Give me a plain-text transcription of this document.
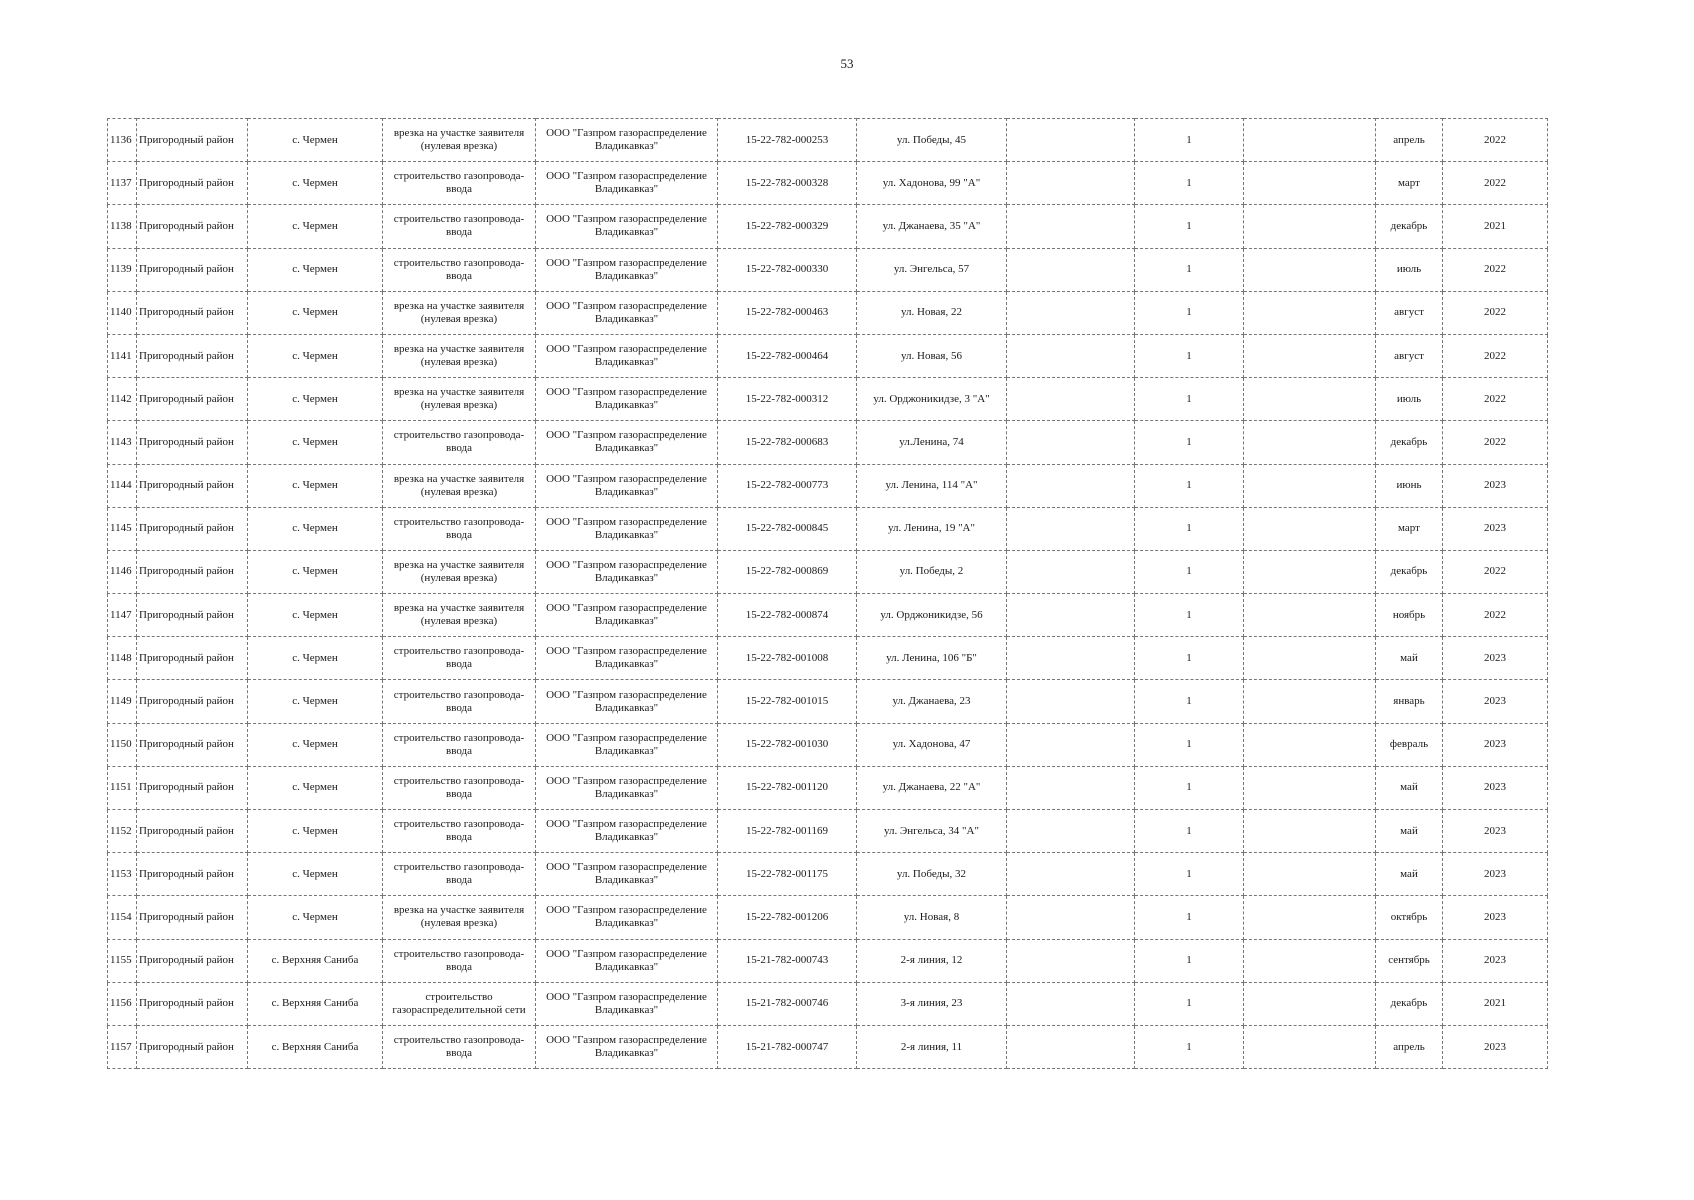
53
1136	Пригородный район	с. Чермен	врезка на участке заявителя (нулевая врезка)	ООО "Газпром газораспределение Владикавказ"	15-22-782-000253	ул. Победы, 45		1		апрель	2022
1137	Пригородный район	с. Чермен	строительство газопровода-ввода	ООО "Газпром газораспределение Владикавказ"	15-22-782-000328	ул. Хадонова, 99 "А"		1		март	2022
1138	Пригородный район	с. Чермен	строительство газопровода-ввода	ООО "Газпром газораспределение Владикавказ"	15-22-782-000329	ул. Джанаева, 35 "А"		1		декабрь	2021
1139	Пригородный район	с. Чермен	строительство газопровода-ввода	ООО "Газпром газораспределение Владикавказ"	15-22-782-000330	ул. Энгельса, 57		1		июль	2022
1140	Пригородный район	с. Чермен	врезка на участке заявителя (нулевая врезка)	ООО "Газпром газораспределение Владикавказ"	15-22-782-000463	ул. Новая, 22		1		август	2022
1141	Пригородный район	с. Чермен	врезка на участке заявителя (нулевая врезка)	ООО "Газпром газораспределение Владикавказ"	15-22-782-000464	ул. Новая, 56		1		август	2022
1142	Пригородный район	с. Чермен	врезка на участке заявителя (нулевая врезка)	ООО "Газпром газораспределение Владикавказ"	15-22-782-000312	ул. Орджоникидзе, 3 "А"		1		июль	2022
1143	Пригородный район	с. Чермен	строительство газопровода-ввода	ООО "Газпром газораспределение Владикавказ"	15-22-782-000683	ул.Ленина, 74		1		декабрь	2022
1144	Пригородный район	с. Чермен	врезка на участке заявителя (нулевая врезка)	ООО "Газпром газораспределение Владикавказ"	15-22-782-000773	ул. Ленина, 114 "А"		1		июнь	2023
1145	Пригородный район	с. Чермен	строительство газопровода-ввода	ООО "Газпром газораспределение Владикавказ"	15-22-782-000845	ул. Ленина, 19 "А"		1		март	2023
1146	Пригородный район	с. Чермен	врезка на участке заявителя (нулевая врезка)	ООО "Газпром газораспределение Владикавказ"	15-22-782-000869	ул. Победы, 2		1		декабрь	2022
1147	Пригородный район	с. Чермен	врезка на участке заявителя (нулевая врезка)	ООО "Газпром газораспределение Владикавказ"	15-22-782-000874	ул. Орджоникидзе, 56		1		ноябрь	2022
1148	Пригородный район	с. Чермен	строительство газопровода-ввода	ООО "Газпром газораспределение Владикавказ"	15-22-782-001008	ул. Ленина, 106 "Б"		1		май	2023
1149	Пригородный район	с. Чермен	строительство газопровода-ввода	ООО "Газпром газораспределение Владикавказ"	15-22-782-001015	ул. Джанаева, 23		1		январь	2023
1150	Пригородный район	с. Чермен	строительство газопровода-ввода	ООО "Газпром газораспределение Владикавказ"	15-22-782-001030	ул. Хадонова, 47		1		февраль	2023
1151	Пригородный район	с. Чермен	строительство газопровода-ввода	ООО "Газпром газораспределение Владикавказ"	15-22-782-001120	ул. Джанаева, 22 "А"		1		май	2023
1152	Пригородный район	с. Чермен	строительство газопровода-ввода	ООО "Газпром газораспределение Владикавказ"	15-22-782-001169	ул. Энгельса, 34 "А"		1		май	2023
1153	Пригородный район	с. Чермен	строительство газопровода-ввода	ООО "Газпром газораспределение Владикавказ"	15-22-782-001175	ул. Победы, 32		1		май	2023
1154	Пригородный район	с. Чермен	врезка на участке заявителя (нулевая врезка)	ООО "Газпром газораспределение Владикавказ"	15-22-782-001206	ул. Новая, 8		1		октябрь	2023
1155	Пригородный район	с. Верхняя Саниба	строительство газопровода-ввода	ООО "Газпром газораспределение Владикавказ"	15-21-782-000743	2-я линия, 12		1		сентябрь	2023
1156	Пригородный район	с. Верхняя Саниба	строительство газораспределительной сети	ООО "Газпром газораспределение Владикавказ"	15-21-782-000746	3-я линия, 23		1		декабрь	2021
1157	Пригородный район	с. Верхняя Саниба	строительство газопровода-ввода	ООО "Газпром газораспределение Владикавказ"	15-21-782-000747	2-я линия, 11		1		апрель	2023
